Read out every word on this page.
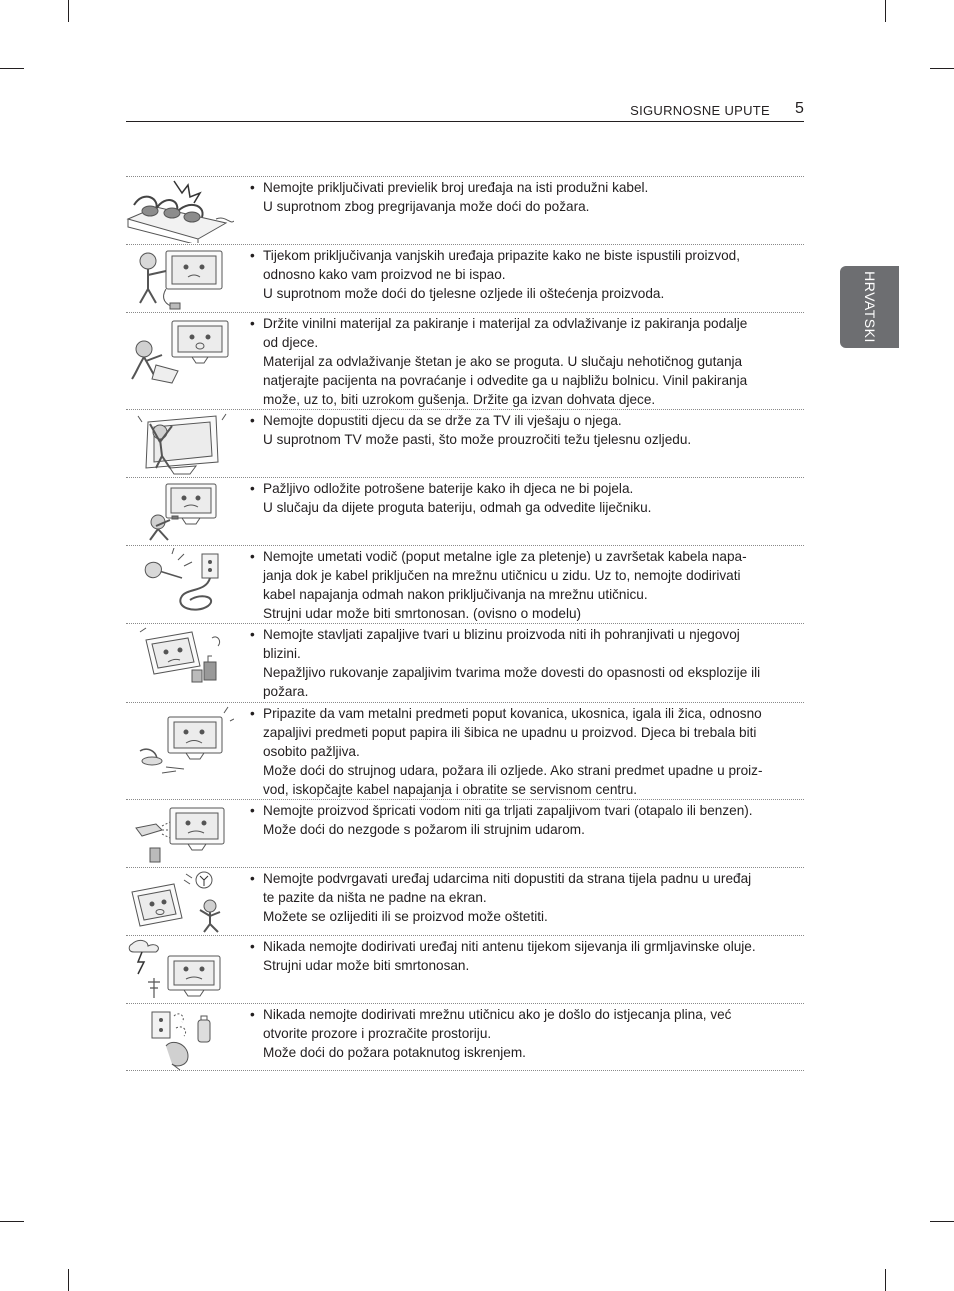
SIGURNOSNE UPUTE 5
HRVATSKI
• Nemojte priključivati previelik broj uređaja na isti produžni kabel.

U suprotnom zbog pregrijavanja može doći do požara.

• Tijekom priključivanja vanjskih uređaja pripazite kako ne biste ispustili proizvod,

odnosno kako vam proizvod ne bi ispao.

U suprotnom može doći do tjelesne ozljede ili oštećenja proizvoda.

• Držite vinilni materijal za pakiranje i materijal za odvlaživanje iz pakiranja podalje

od djece.

Materijal za odvlaživanje štetan je ako se proguta. U slučaju nehotičnog gutanja

natjerajte pacijenta na povraćanje i odvedite ga u najbližu bolnicu. Vinil pakiranja

može, uz to, biti uzrokom gušenja. Držite ga izvan dohvata djece.

• Nemojte dopustiti djecu da se drže za TV ili vješaju o njega.

U suprotnom TV može pasti, što može prouzročiti težu tjelesnu ozljedu.

• Pažljivo odložite potrošene baterije kako ih djeca ne bi pojela.

U slučaju da dijete proguta bateriju, odmah ga odvedite liječniku.

• Nemojte umetati vodič (poput metalne igle za pletenje) u završetak kabela napa-

janja dok je kabel priključen na mrežnu utičnicu u zidu. Uz to, nemojte dodirivati

kabel napajanja odmah nakon priključivanja na mrežnu utičnicu.

Strujni udar može biti smrtonosan. (ovisno o modelu)

• Nemojte stavljati zapaljive tvari u blizinu proizvoda niti ih pohranjivati u njegovoj

blizini.

Nepažljivo rukovanje zapaljivim tvarima može dovesti do opasnosti od eksplozije ili

požara.

• Pripazite da vam metalni predmeti poput kovanica, ukosnica, igala ili žica, odnosno

zapaljivi predmeti poput papira ili šibica ne upadnu u proizvod. Djeca bi trebala biti

osobito pažljiva.

Može doći do strujnog udara, požara ili ozljede. Ako strani predmet upadne u proiz-

vod, iskopčajte kabel napajanja i obratite se servisnom centru.

• Nemojte proizvod špricati vodom niti ga trljati zapaljivom tvari (otapalo ili benzen).

Može doći do nezgode s požarom ili strujnim udarom.

• Nemojte podvrgavati uređaj udarcima niti dopustiti da strana tijela padnu u uređaj

te pazite da ništa ne padne na ekran.

Možete se ozlijediti ili se proizvod može oštetiti.

• Nikada nemojte dodirivati uređaj niti antenu tijekom sijevanja ili grmljavinske oluje.

Strujni udar može biti smrtonosan.

• Nikada nemojte dodirivati mrežnu utičnicu ako je došlo do istjecanja plina, već

otvorite prozore i prozračite prostoriju.

Može doći do požara potaknutog iskrenjem.
